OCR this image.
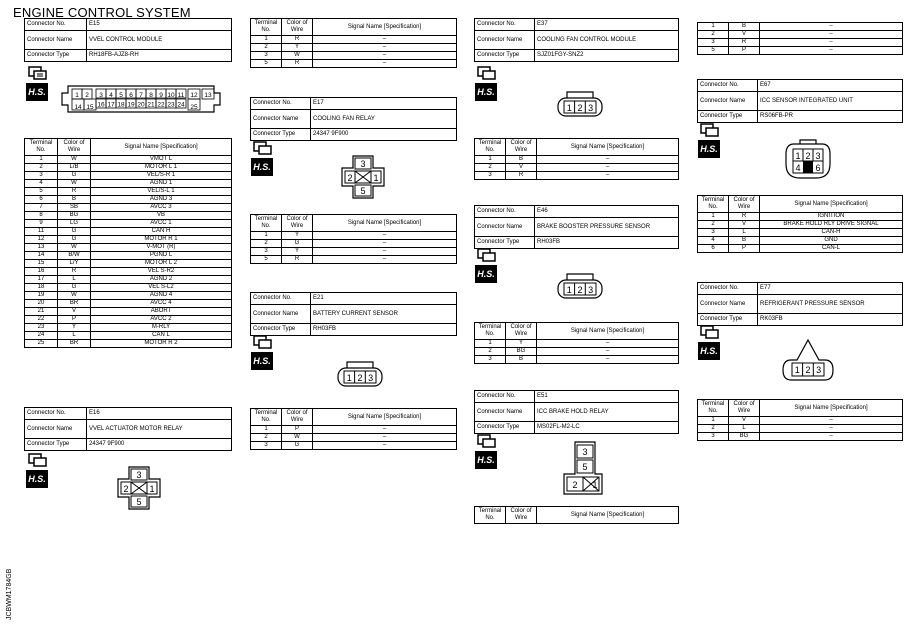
ENGINE CONTROL SYSTEM
JCBWM1784GB
Connector No.	E15
Connector Name	VVEL CONTROL MODULE
Connector Type	RH18FB-AJZ8-RH
H.S.	1 2 3 4 5 6 7 8 9 10 11 12 13
14 15 16 17 18 19 20 21 22 23 24 25
Terminal No.	Color of Wire	Signal Name [Specification]
1	W	VMOT L
2	L/B	MOTOR L 1
3	G	VEL/S-R 1
4	W	AGND 1
5	R	VEL/S-L 1
6	B	AGND 3
7	SB	AVCC 3
8	BG	VB
9	LG	AVCC 1
11	G	CAN H
12	G	MOTOR R 1
13	W	V-MOT (R)
14	B/W	PGND L
15	L/Y	MOTOR L 2
16	R	VEL S-R2
17	L	AGND 2
18	G	VEL S-L2
19	W	AGND 4
20	BR	AVCC 4
21	V	ABORT
22	P	AVCC 2
23	Y	M-RLY
24	L	CAN L
25	BR	MOTOR R 2
Connector No.	E16
Connector Name	VVEL ACTUATOR MOTOR RELAY
Connector Type	24347 9F900
H.S.	3
2 1
5
Terminal No.	Color of Wire	Signal Name [Specification]
1	R	–
2	Y	–
3	W	–
5	R	–
Connector No.	E17
Connector Name	COOLING FAN RELAY
Connector Type	24347 9F900
H.S.	3
2 1
5
Terminal No.	Color of Wire	Signal Name [Specification]
1	Y	–
2	G	–
3	Y	–
5	R	–
Connector No.	E21
Connector Name	BATTERY CURRENT SENSOR
Connector Type	RH03FB
H.S.
1 2 3
Terminal No.	Color of Wire	Signal Name [Specification]
1	P	–
2	W	–
3	G	–
Connector No.	E37
Connector Name	COOLING FAN CONTROL MODULE
Connector Type	SJZ01FGY-SNZ2
H.S.
1 2 3
Terminal No.	Color of Wire	Signal Name [Specification]
1	B	–
2	V	–
3	R	–
Connector No.	E46
Connector Name	BRAKE BOOSTER PRESSURE SENSOR
Connector Type	RH03FB
H.S.
1 2 3
Terminal No.	Color of Wire	Signal Name [Specification]
1	Y	–
2	BG	–
3	B	–
Connector No.	E51
Connector Name	ICC BRAKE HOLD RELAY
Connector Type	MS02FL-M2-LC
H.S.
3
5
2 1
Terminal No.	Color of Wire	Signal Name [Specification]
1	B	–
2	V	–
3	R	–
5	P	–
Connector No.	E67
Connector Name	ICC SENSOR INTEGRATED UNIT
Connector Type	RS06FB-PR
H.S.
1 2 3
4 6
Terminal No.	Color of Wire	Signal Name [Specification]
1	R	IGNITION
2	V	BRAKE HOLD RLY DRIVE SIGNAL
3	L	CAN-H
4	B	GND
6	P	CAN-L
Connector No.	E77
Connector Name	REFRIGERANT PRESSURE SENSOR
Connector Type	RK03FB
H.S.
1 2 3
Terminal No.	Color of Wire	Signal Name [Specification]
1	V	–
2	L	–
3	BG	–
